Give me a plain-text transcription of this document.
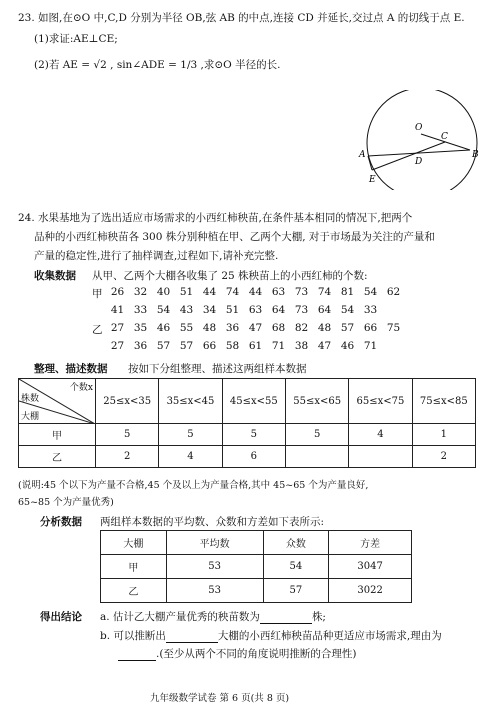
23. 如图,在⊙O 中,C,D 分别为半径 OB,弦 AB 的中点,连接 CD 并延长,交过点 A 的切线于点 E.
(1)求证:AE⊥CE;
(2)若 AE = √2 , sin∠ADE = 1/3 ,求⊙O 半径的长.
O
C
A
D
B
E
24. 水果基地为了选出适应市场需求的小西红柿秧苗,在条件基本相同的情况下,把两个
品种的小西红柿秧苗各 300 株分别种植在甲、乙两个大棚, 对于市场最为关注的产量和
产量的稳定性,进行了抽样调查,过程如下,请补充完整.
收集数据 从甲、乙两个大棚各收集了 25 株秧苗上的小西红柿的个数:
甲 26 32 40 51 44 74 44 63 73 74 81 54 62
41 33 54 43 34 51 63 64 73 64 54 33
乙 27 35 46 55 48 36 47 68 82 48 57 66 75
27 36 57 57 66 58 61 71 38 47 46 71
整理、描述数据 按如下分组整理、描述这两组样本数据
个数x
株数
大棚	25≤x<35	35≤x<45	45≤x<55	55≤x<65	65≤x<75	75≤x<85
甲	5	5	5	5	4	1
乙	2	4	6			2
(说明:45 个以下为产量不合格,45 个及以上为产量合格,其中 45~65 个为产量良好,
65~85 个为产量优秀)
分析数据 两组样本数据的平均数、众数和方差如下表所示:
大棚	平均数	众数	方差
甲	53	54	3047
乙	53	57	3022
得出结论 a. 估计乙大棚产量优秀的秧苗数为	株;
b. 可以推断出	大棚的小西红柿秧苗品种更适应市场需求,理由为
.(至少从两个不同的角度说明推断的合理性)
九年级数学试卷 第 6 页(共 8 页)
